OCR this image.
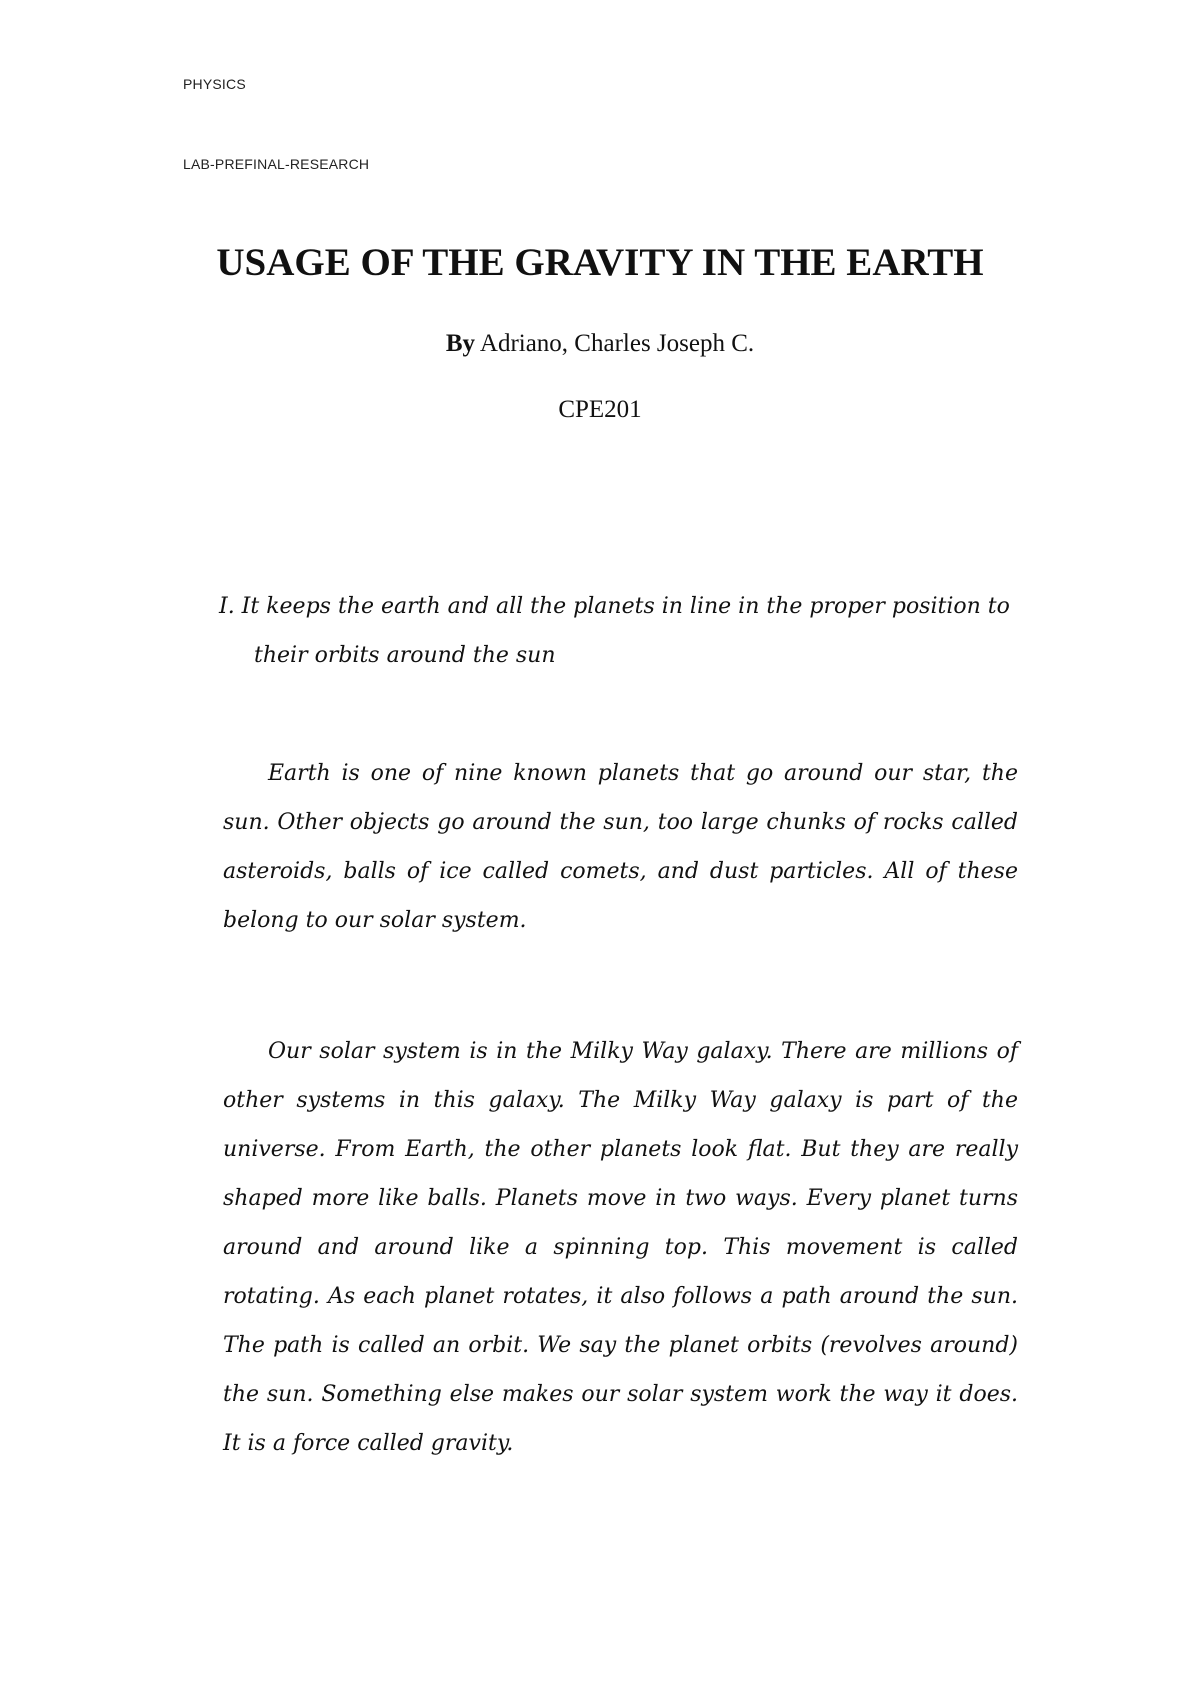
PHYSICS
LAB-PREFINAL-RESEARCH
USAGE OF THE GRAVITY IN THE EARTH
By Adriano, Charles Joseph C.
CPE201

I. It keeps the earth and all the planets in line in the proper position to their orbits around the sun

Earth is one of nine known planets that go around our star, the sun. Other objects go around the sun, too large chunks of rocks called asteroids, balls of ice called comets, and dust particles. All of these belong to our solar system.

Our solar system is in the Milky Way galaxy. There are millions of other systems in this galaxy. The Milky Way galaxy is part of the universe. From Earth, the other planets look flat. But they are really shaped more like balls. Planets move in two ways. Every planet turns around and around like a spinning top. This movement is called rotating. As each planet rotates, it also follows a path around the sun. The path is called an orbit. We say the planet orbits (revolves around) the sun. Something else makes our solar system work the way it does. It is a force called gravity.
